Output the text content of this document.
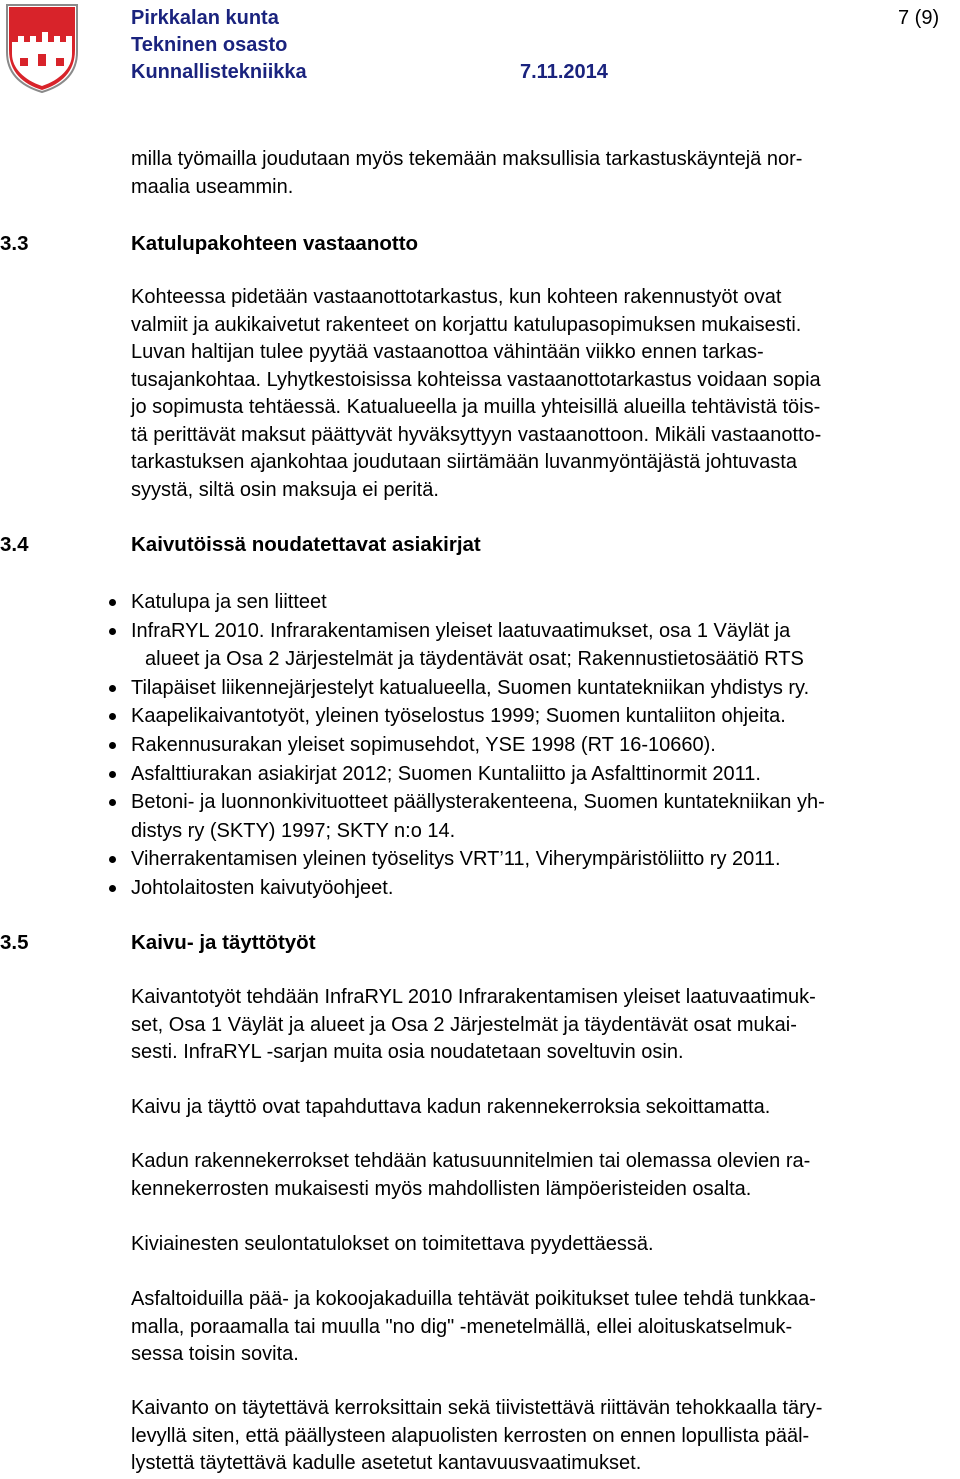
Pirkkalan kunta
Tekninen osasto
Kunnallistekniikka	7.11.2014
7 (9)

milla työmailla joudutaan myös tekemään maksullisia tarkastuskäyntejä nor-
maalia useammin.

3.3	Katulupakohteen vastaanotto

Kohteessa pidetään vastaanottotarkastus, kun kohteen rakennustyöt ovat
valmiit ja aukikaivetut rakenteet on korjattu katulupasopimuksen mukaisesti.
Luvan haltijan tulee pyytää vastaanottoa vähintään viikko ennen tarkas-
tusajankohtaa. Lyhytkestoisissa kohteissa vastaanottotarkastus voidaan sopia
jo sopimusta tehtäessä. Katualueella ja muilla yhteisillä alueilla tehtävistä töis-
tä perittävät maksut päättyvät hyväksyttyyn vastaanottoon. Mikäli vastaanotto-
tarkastuksen ajankohtaa joudutaan siirtämään luvanmyöntäjästä johtuvasta
syystä, siltä osin maksuja ei peritä.

3.4	Kaivutöissä noudatettavat asiakirjat
Katulupa ja sen liitteet
InfraRYL 2010. Infrarakentamisen yleiset laatuvaatimukset, osa 1 Väylät ja
alueet ja Osa 2 Järjestelmät ja täydentävät osat; Rakennustietosäätiö RTS
Tilapäiset liikennejärjestelyt katualueella, Suomen kuntatekniikan yhdistys ry.
Kaapelikaivantotyöt, yleinen työselostus 1999; Suomen kuntaliiton ohjeita.
Rakennusurakan yleiset sopimusehdot, YSE 1998 (RT 16-10660).
Asfalttiurakan asiakirjat 2012; Suomen Kuntaliitto ja Asfalttinormit 2011.
Betoni- ja luonnonkivituotteet päällysterakenteena, Suomen kuntatekniikan yh-
distys ry (SKTY) 1997; SKTY n:o 14.
Viherrakentamisen yleinen työselitys VRT’11, Viherympäristöliitto ry 2011.
Johtolaitosten kaivutyöohjeet.
3.5	Kaivu- ja täyttötyöt

Kaivantotyöt tehdään InfraRYL 2010 Infrarakentamisen yleiset laatuvaatimuk-
set, Osa 1 Väylät ja alueet ja Osa 2 Järjestelmät ja täydentävät osat mukai-
sesti. InfraRYL -sarjan muita osia noudatetaan soveltuvin osin.

Kaivu ja täyttö ovat tapahduttava kadun rakennekerroksia sekoittamatta.

Kadun rakennekerrokset tehdään katusuunnitelmien tai olemassa olevien ra-
kennekerrosten mukaisesti myös mahdollisten lämpöeristeiden osalta.

Kiviainesten seulontatulokset on toimitettava pyydettäessä.

Asfaltoiduilla pää- ja kokoojakaduilla tehtävät poikitukset tulee tehdä tunkkaa-
malla, poraamalla tai muulla "no dig" -menetelmällä, ellei aloituskatselmuk-
sessa toisin sovita.

Kaivanto on täytettävä kerroksittain sekä tiivistettävä riittävän tehokkaalla täry-
levyllä siten, että päällysteen alapuolisten kerrosten on ennen lopullista pääl-
lystettä täytettävä kadulle asetetut kantavuusvaatimukset.
